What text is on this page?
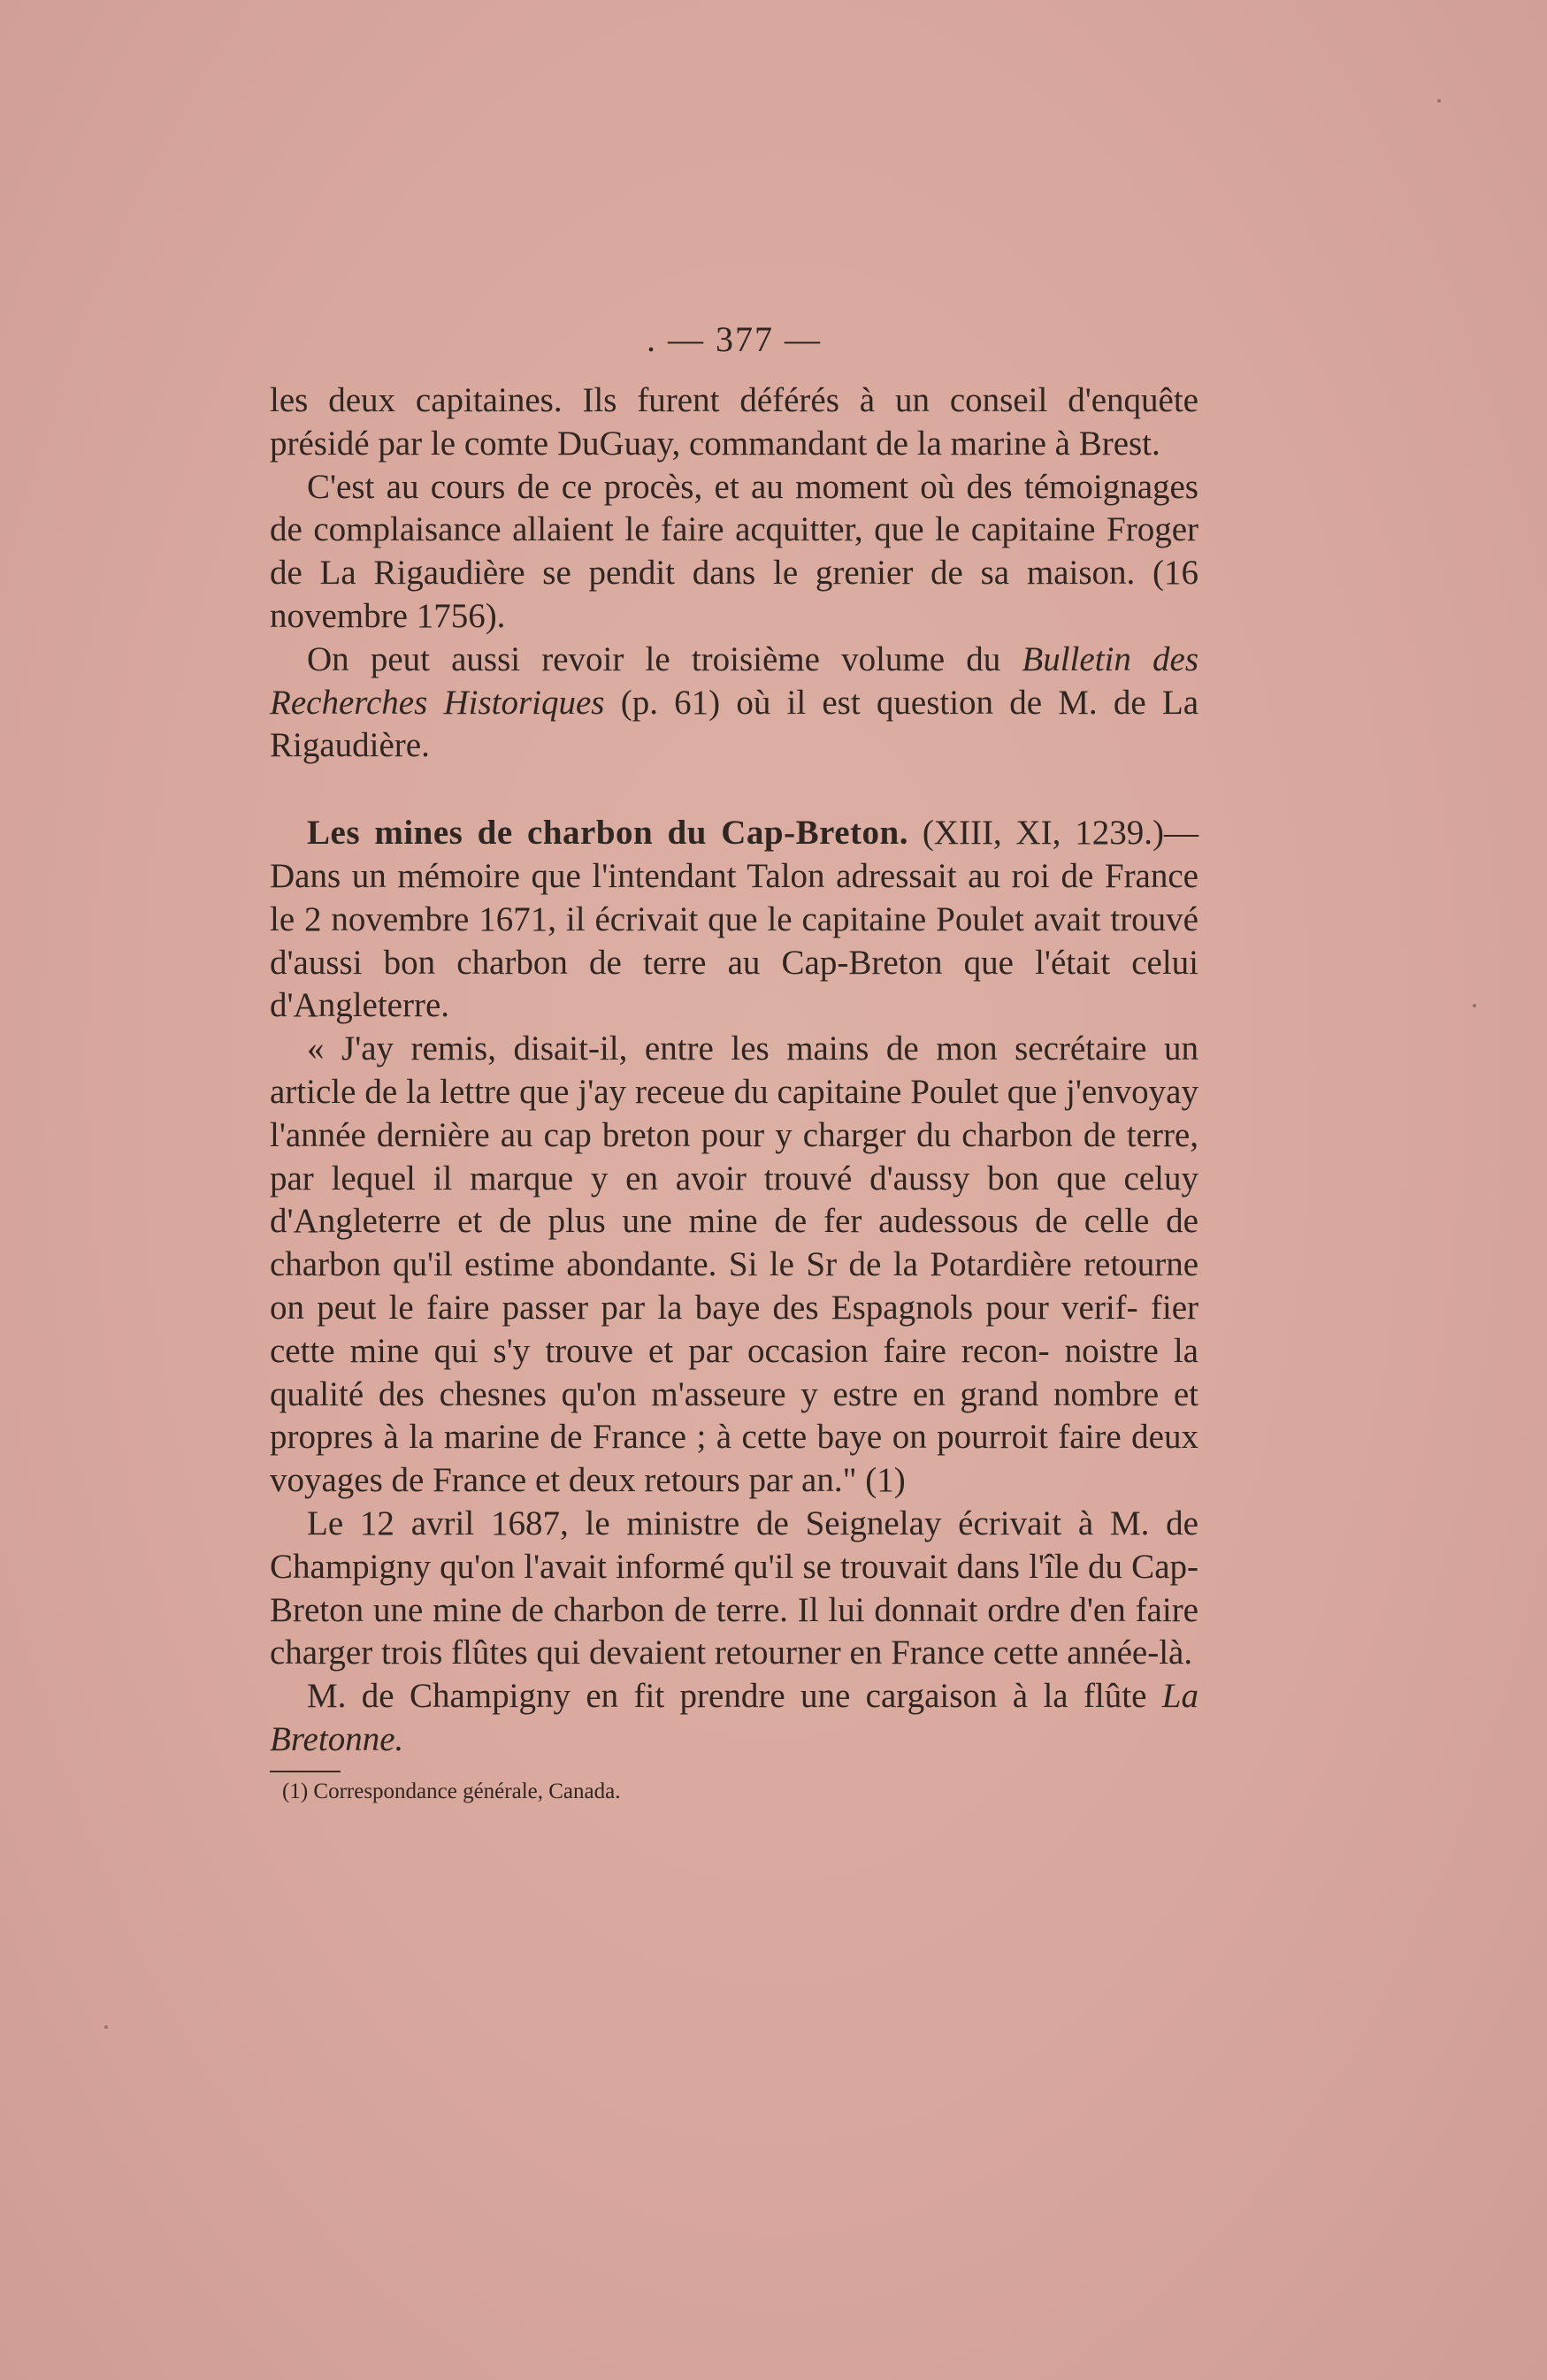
. — 377 —

les deux capitaines. Ils furent déférés à un conseil d'enquête présidé par le comte DuGuay, commandant de la marine à Brest.

C'est au cours de ce procès, et au moment où des témoignages de complaisance allaient le faire acquitter, que le capitaine Froger de La Rigaudière se pendit dans le grenier de sa maison. (16 novembre 1756).

On peut aussi revoir le troisième volume du Bulletin des Recherches Historiques (p. 61) où il est question de M. de La Rigaudière.

Les mines de charbon du Cap-Breton. (XIII, XI, 1239.)—Dans un mémoire que l'intendant Talon adressait au roi de France le 2 novembre 1671, il écrivait que le capitaine Poulet avait trouvé d'aussi bon charbon de terre au Cap-Breton que l'était celui d'Angleterre.

« J'ay remis, disait-il, entre les mains de mon secrétaire un article de la lettre que j'ay receue du capitaine Poulet que j'envoyay l'année dernière au cap breton pour y charger du charbon de terre, par lequel il marque y en avoir trouvé d'aussy bon que celuy d'Angleterre et de plus une mine de fer audessous de celle de charbon qu'il estime abondante. Si le Sr de la Potardière retourne on peut le faire passer par la baye des Espagnols pour verif- fier cette mine qui s'y trouve et par occasion faire recon- noistre la qualité des chesnes qu'on m'asseure y estre en grand nombre et propres à la marine de France ; à cette baye on pourroit faire deux voyages de France et deux retours par an." (1)

Le 12 avril 1687, le ministre de Seignelay écrivait à M. de Champigny qu'on l'avait informé qu'il se trouvait dans l'île du Cap-Breton une mine de charbon de terre. Il lui donnait ordre d'en faire charger trois flûtes qui devaient retourner en France cette année-là.

M. de Champigny en fit prendre une cargaison à la flûte La Bretonne.

(1) Correspondance générale, Canada.
